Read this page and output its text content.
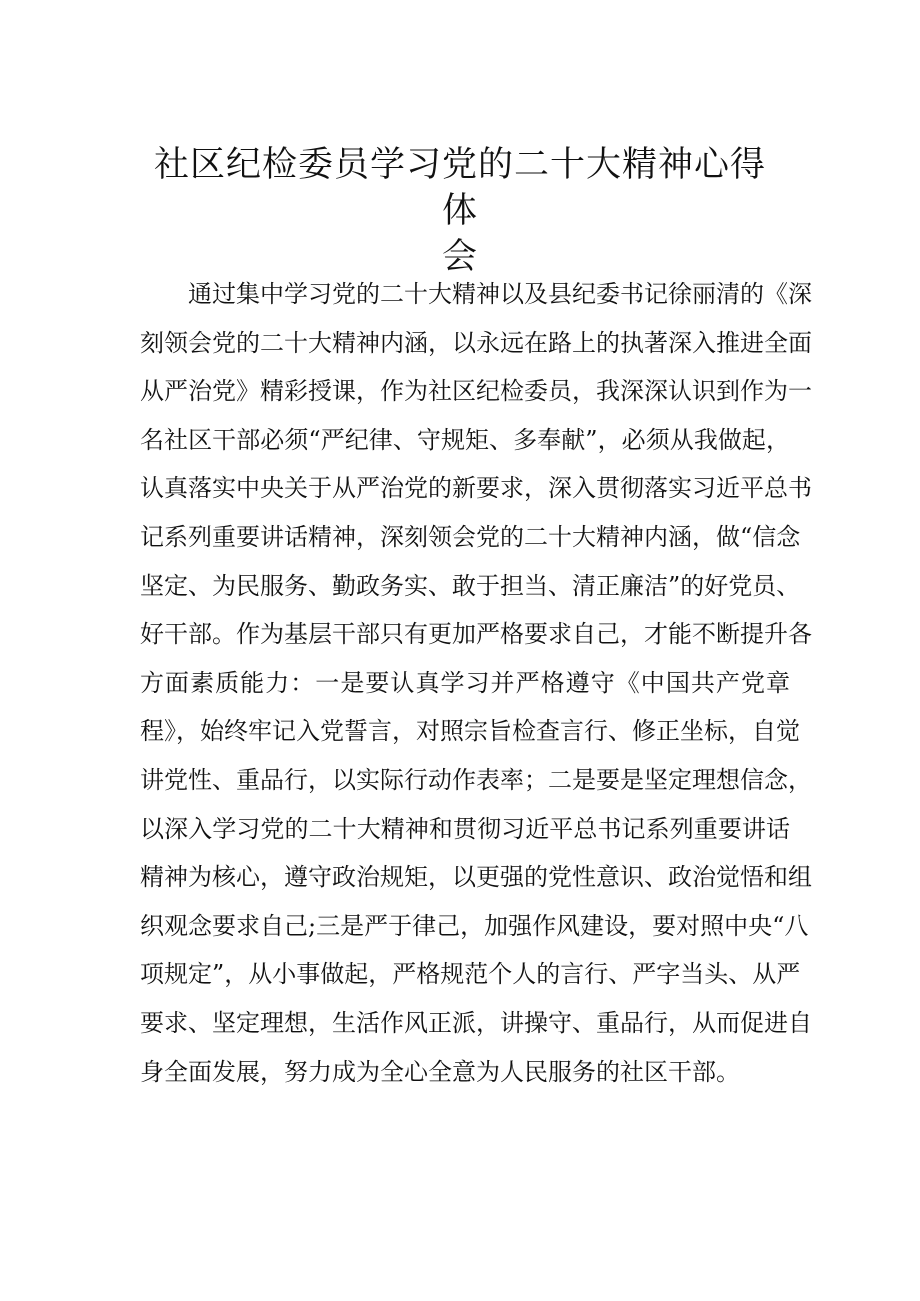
社区纪检委员学习党的二十大精神心得体
会
通过集中学习党的二十大精神以及县纪委书记徐丽清的《深
刻领会党的二十大精神内涵，以永远在路上的执著深入推进全面
从严治党》精彩授课，作为社区纪检委员，我深深认识到作为一
名社区干部必须“严纪律、守规矩、多奉献”，必须从我做起，
认真落实中央关于从严治党的新要求，深入贯彻落实习近平总书
记系列重要讲话精神，深刻领会党的二十大精神内涵，做“信念
坚定、为民服务、勤政务实、敢于担当、清正廉洁”的好党员、
好干部。作为基层干部只有更加严格要求自己，才能不断提升各
方面素质能力：一是要认真学习并严格遵守《中国共产党章
程》，始终牢记入党誓言，对照宗旨检查言行、修正坐标，自觉
讲党性、重品行，以实际行动作表率；二是要是坚定理想信念，
以深入学习党的二十大精神和贯彻习近平总书记系列重要讲话
精神为核心，遵守政治规矩，以更强的党性意识、政治觉悟和组
织观念要求自己;三是严于律己，加强作风建设，要对照中央“八
项规定”，从小事做起，严格规范个人的言行、严字当头、从严
要求、坚定理想，生活作风正派，讲操守、重品行，从而促进自
身全面发展，努力成为全心全意为人民服务的社区干部。
